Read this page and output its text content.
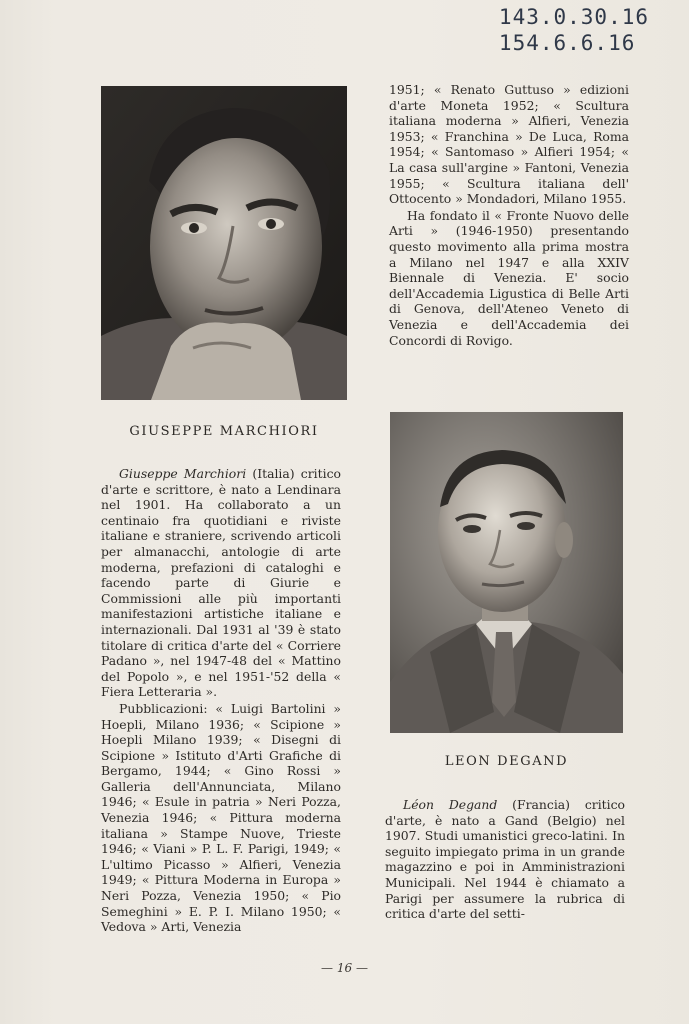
143.0.30.16
154.6.6.16
GIUSEPPE MARCHIORI

Giuseppe Marchiori (Italia) critico d'arte e scrittore, è nato a Lendinara nel 1901. Ha collaborato a un centinaio fra quotidiani e riviste italiane e straniere, scrivendo articoli per almanacchi, antologie di arte moderna, prefazioni di cataloghi e facendo parte di Giurie e Commissioni alle più importanti manifestazioni artistiche italiane e internazionali. Dal 1931 al '39 è stato titolare di critica d'arte del « Corriere Padano », nel 1947-48 del « Mattino del Popolo », e nel 1951-'52 della « Fiera Letteraria ».

Pubblicazioni: « Luigi Bartolini » Hoepli, Milano 1936; « Scipione » Hoepli Milano 1939; « Disegni di Scipione » Istituto d'Arti Grafiche di Bergamo, 1944; « Gino Rossi » Galleria dell'Annunciata, Milano 1946; « Esule in patria » Neri Pozza, Venezia 1946; « Pittura moderna italiana » Stampe Nuove, Trieste 1946; « Viani » P. L. F. Parigi, 1949; « L'ultimo Picasso » Alfieri, Venezia 1949; « Pittura Moderna in Europa » Neri Pozza, Venezia 1950; « Pio Semeghini » E. P. I. Milano 1950; « Vedova » Arti, Venezia

1951; « Renato Guttuso » edizioni d'arte Moneta 1952; « Scultura italiana moderna » Alfieri, Venezia 1953; « Franchina » De Luca, Roma 1954; « Santomaso » Alfieri 1954; « La casa sull'argine » Fantoni, Venezia 1955; « Scultura italiana dell' Ottocento » Mondadori, Milano 1955.

Ha fondato il « Fronte Nuovo delle Arti » (1946-1950) presentando questo movimento alla prima mostra a Milano nel 1947 e alla XXIV Biennale di Venezia. E' socio dell'Accademia Ligustica di Belle Arti di Genova, dell'Ateneo Veneto di Venezia e dell'Accademia dei Concordi di Rovigo.

LEON DEGAND

Léon Degand (Francia) critico d'arte, è nato a Gand (Belgio) nel 1907. Studi umanistici greco-latini. In seguito impiegato prima in un grande magazzino e poi in Amministrazioni Municipali. Nel 1944 è chiamato a Parigi per assumere la rubrica di critica d'arte del setti-

— 16 —
